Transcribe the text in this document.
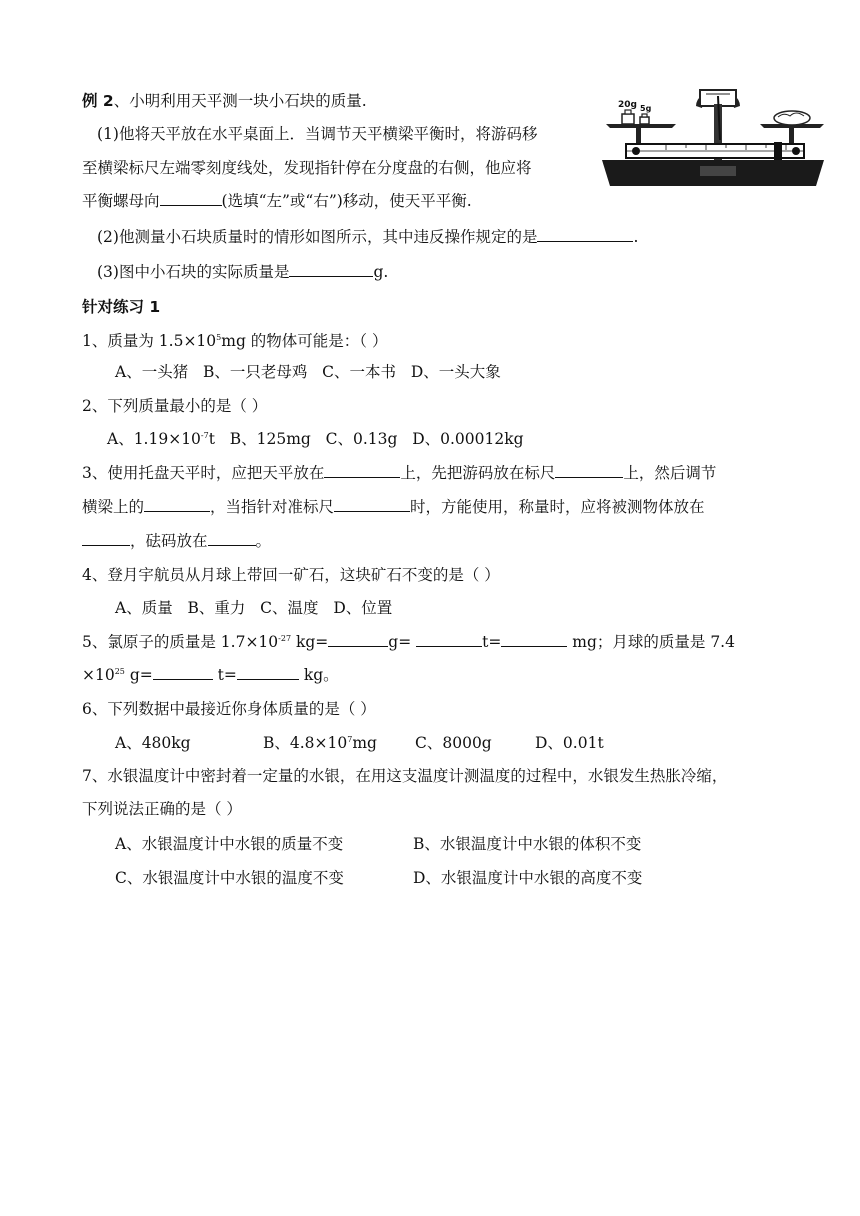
例 2、小明利用天平测一块小石块的质量.
(1)他将天平放在水平桌面上．当调节天平横梁平衡时，将游码移
至横梁标尺左端零刻度线处，发现指针停在分度盘的右侧，他应将
平衡螺母向	(选填“左”或“右”)移动，使天平平衡.
(2)他测量小石块质量时的情形如图所示，其中违反操作规定的是	.
(3)图中小石块的实际质量是	g.
20g 5g
针对练习 1
1、质量为 $1.5\times 10^5mg$ 的物体可能是：（ ）
A、一头猪 B、一只老母鸡 C、一本书 D、一头大象
2、下列质量最小的是（ ）
A、$1.19\times 10^{-7}t$ B、125mg C、0.13g D、0.00012kg
3、使用托盘天平时，应把天平放在	上，先把游码放在标尺	上，然后调节
横梁上的	，当指针对准标尺	时，方能使用，称量时，应将被测物体放在
，砝码放在	。
4、登月宇航员从月球上带回一矿石，这块矿石不变的是（ ）
A、质量 B、重力 C、温度 D、位置
5、氯原子的质量是 $1.7\times 10^{-27}$ kg=	g=	t=	mg；月球的质量是 7.4
$\times 10^{25}$ g=	t=	kg。
6、下列数据中最接近你身体质量的是（ ）
A、480kg	B、$4.8\times 10^7mg$ C、8000g	D、0.01t
7、水银温度计中密封着一定量的水银，在用这支温度计测温度的过程中，水银发生热胀冷缩，
下列说法正确的是（ ）
A、水银温度计中水银的质量不变	B、水银温度计中水银的体积不变
C、水银温度计中水银的温度不变	D、水银温度计中水银的高度不变
